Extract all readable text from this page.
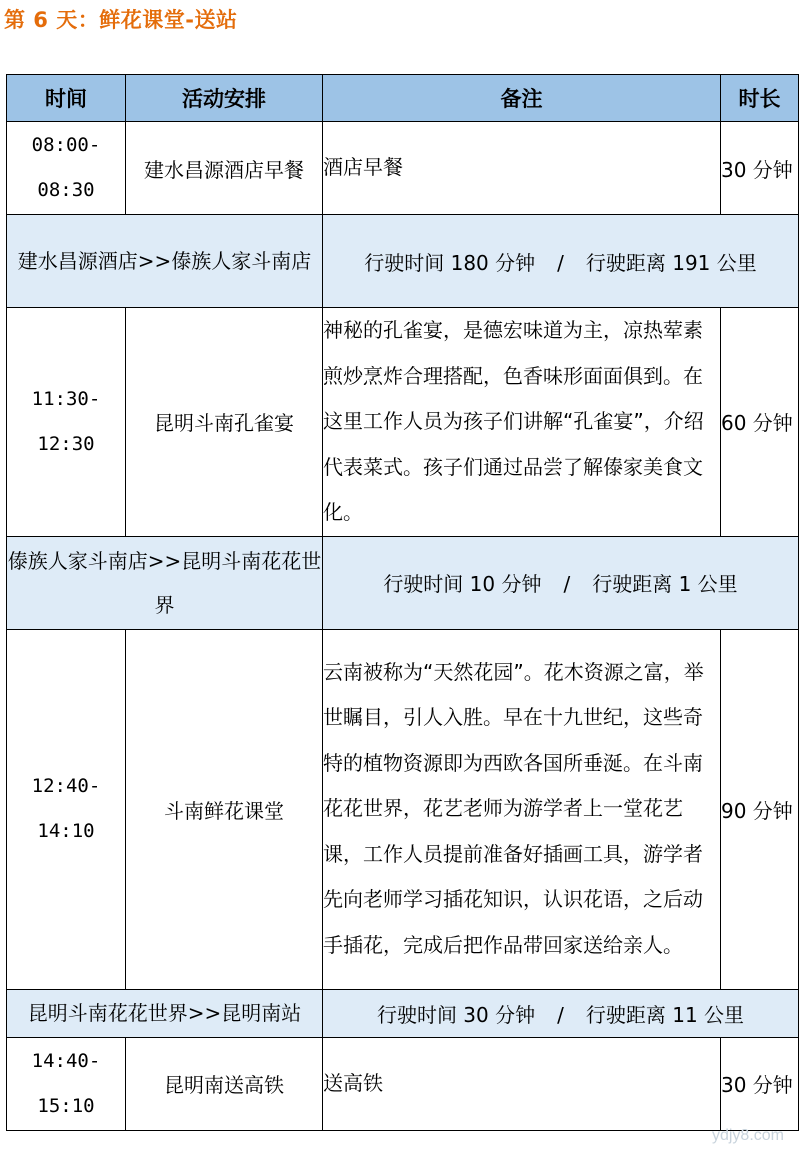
第 6 天：鲜花课堂-送站
时间	活动安排	备注	时长
08:00-
08:30	建水昌源酒店早餐	酒店早餐	30 分钟
建水昌源酒店>>傣族人家斗南店		行驶时间 180 分钟 / 行驶距离 191 公里	
11:30-
12:30	昆明斗南孔雀宴	神秘的孔雀宴，是德宏味道为主，凉热荤素煎炒烹炸合理搭配，色香味形面面俱到。在这里工作人员为孩子们讲解“孔雀宴”，介绍代表菜式。孩子们通过品尝了解傣家美食文化。	60 分钟
傣族人家斗南店>>昆明斗南花花世界		行驶时间 10 分钟 / 行驶距离 1 公里	
12:40-
14:10	斗南鲜花课堂	云南被称为“天然花园”。花木资源之富，举世瞩目，引人入胜。早在十九世纪，这些奇特的植物资源即为西欧各国所垂涎。在斗南花花世界，花艺老师为游学者上一堂花艺课，工作人员提前准备好插画工具，游学者先向老师学习插花知识，认识花语，之后动手插花，完成后把作品带回家送给亲人。	90 分钟
昆明斗南花花世界>>昆明南站		行驶时间 30 分钟 / 行驶距离 11 公里	
14:40-
15:10	昆明南送高铁	送高铁	30 分钟
ydjy8.com
